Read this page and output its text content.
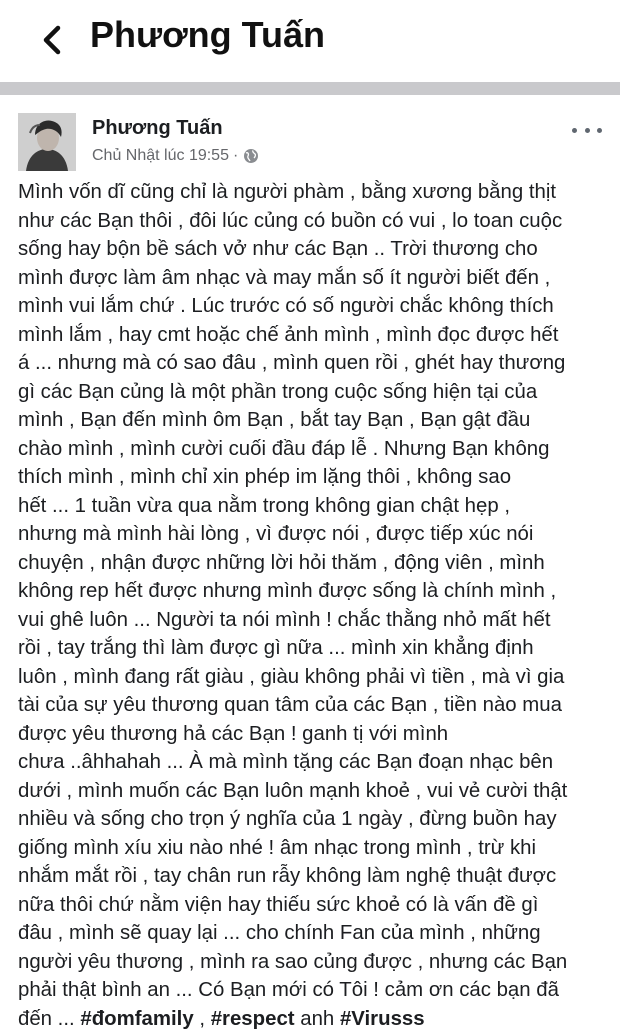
Phương Tuấn
Phương Tuấn
Chủ Nhật lúc 19:55 ·
Mình vốn dĩ cũng chỉ là người phàm , bằng xương bằng thịt
như các Bạn thôi , đôi lúc củng có buồn có vui , lo toan cuộc
sống hay bộn bề sách vở như các Bạn .. Trời thương cho
mình được làm âm nhạc và may mắn số ít người biết đến ,
mình vui lắm chứ . Lúc trước có số người chắc không thích
mình lắm , hay cmt hoặc chế ảnh mình , mình đọc được hết
á ... nhưng mà có sao đâu , mình quen rồi , ghét hay thương
gì các Bạn củng là một phần trong cuộc sống hiện tại của
mình , Bạn đến mình ôm Bạn , bắt tay Bạn , Bạn gật đầu
chào mình , mình cười cuối đầu đáp lễ . Nhưng Bạn không
thích mình , mình chỉ xin phép im lặng thôi , không sao
hết ... 1 tuần vừa qua nằm trong không gian chật hẹp ,
nhưng mà mình hài lòng , vì được nói , được tiếp xúc nói
chuyện , nhận được những lời hỏi thăm , động viên , mình
không rep hết được nhưng mình được sống là chính mình ,
vui ghê luôn ... Người ta nói mình ! chắc thằng nhỏ mất hết
rồi , tay trắng thì làm được gì nữa ... mình xin khẳng định
luôn , mình đang rất giàu , giàu không phải vì tiền , mà vì gia
tài của sự yêu thương quan tâm của các Bạn , tiền nào mua
được yêu thương hả các Bạn ! ganh tị với mình
chưa ..âhhahah ... À mà mình tặng các Bạn đoạn nhạc bên
dưới , mình muốn các Bạn luôn mạnh khoẻ , vui vẻ cười thật
nhiều và sống cho trọn ý nghĩa của 1 ngày , đừng buồn hay
giống mình xíu xiu nào nhé ! âm nhạc trong mình , trừ khi
nhắm mắt rồi , tay chân run rẫy không làm nghệ thuật được
nữa thôi chứ nằm viện hay thiếu sức khoẻ có là vấn đề gì
đâu , mình sẽ quay lại ... cho chính Fan của mình , những
người yêu thương , mình ra sao củng được , nhưng các Bạn
phải thật bình an ... Có Bạn mới có Tôi ! cảm ơn các bạn đã
đến ... #đomfamily , #respect anh #Virusss
